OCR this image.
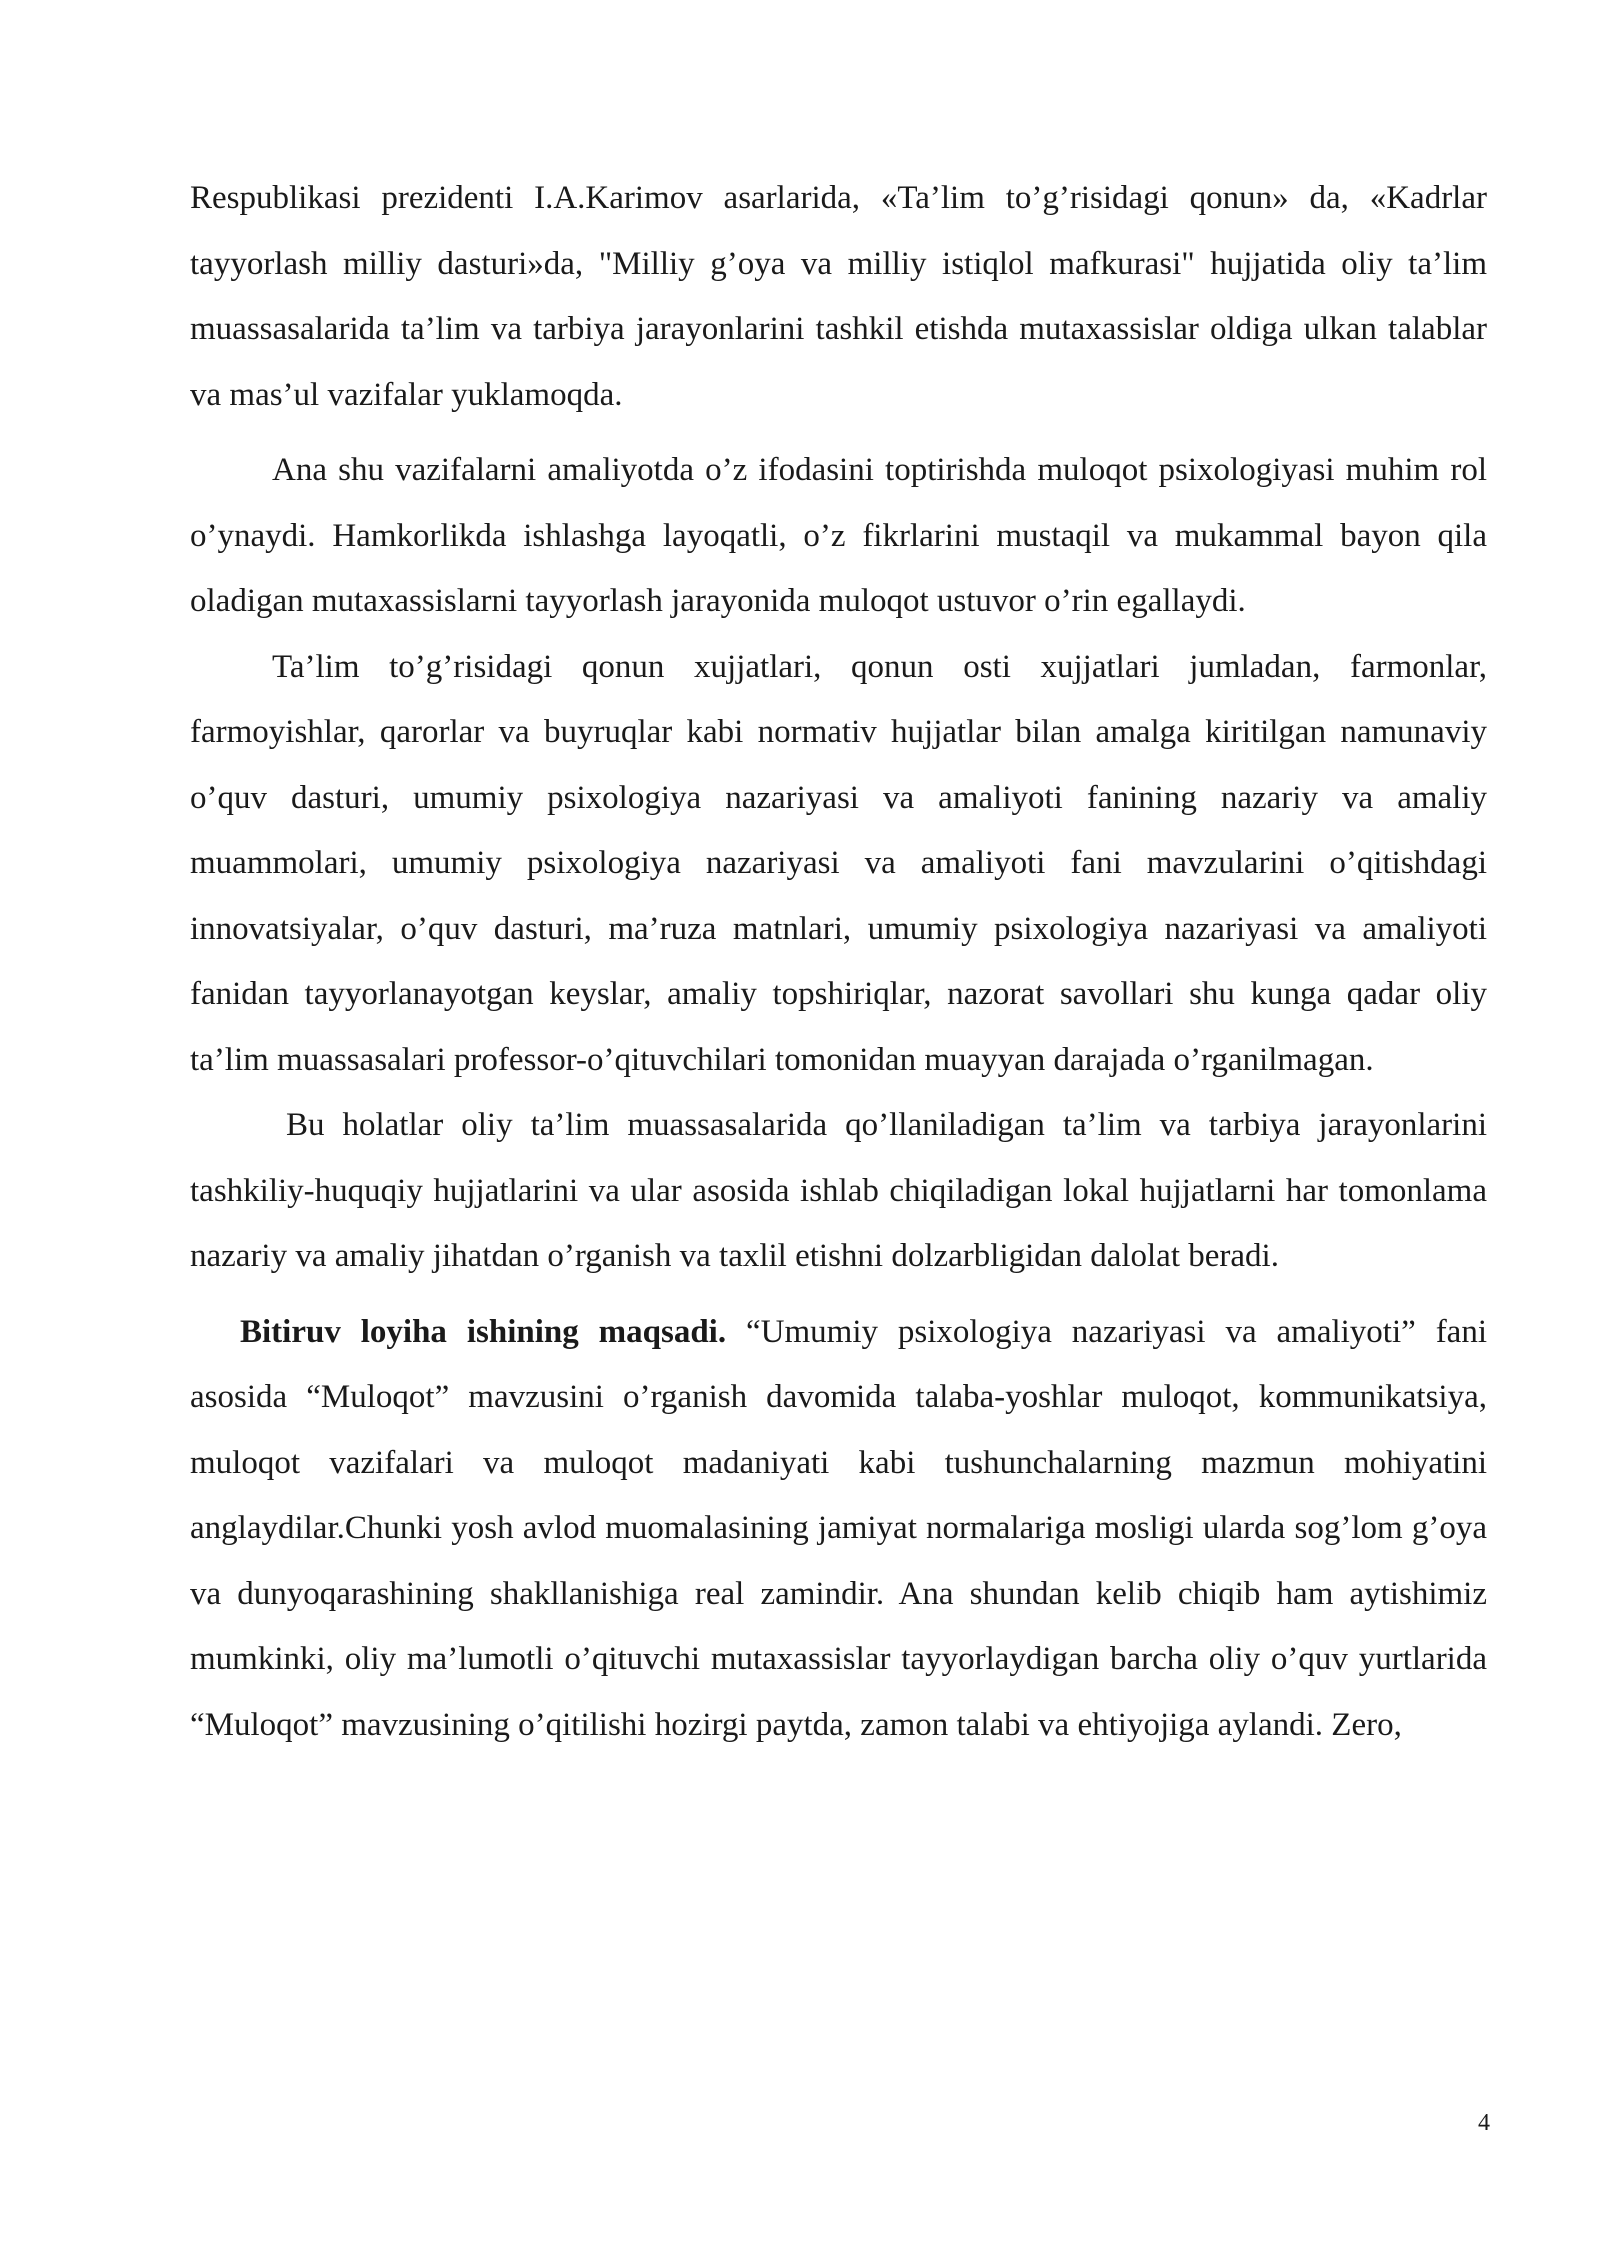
Respublikasi prezidenti I.A.Karimov asarlarida, «Ta’lim to’g’risidagi qonun» da, «Kadrlar tayyorlash milliy dasturi»da, "Milliy g’oya va milliy istiqlol mafkurasi" hujjatida oliy ta’lim muassasalarida ta’lim va tarbiya jarayonlarini tashkil etishda mutaxassislar oldiga ulkan talablar va mas’ul vazifalar yuklamoqda.

Ana shu vazifalarni amaliyotda o’z ifodasini toptirishda muloqot psixologiyasi muhim rol o’ynaydi. Hamkorlikda ishlashga layoqatli, o’z fikrlarini mustaqil va mukammal bayon qila oladigan mutaxassislarni tayyorlash jarayonida muloqot ustuvor o’rin egallaydi.

Ta’lim to’g’risidagi qonun xujjatlari, qonun osti xujjatlari jumladan, farmonlar, farmoyishlar, qarorlar va buyruqlar kabi normativ hujjatlar bilan amalga kiritilgan namunaviy o’quv dasturi, umumiy psixologiya nazariyasi va amaliyoti fanining nazariy va amaliy muammolari, umumiy psixologiya nazariyasi va amaliyoti fani mavzularini o’qitishdagi innovatsiyalar, o’quv dasturi, ma’ruza matnlari, umumiy psixologiya nazariyasi va amaliyoti fanidan tayyorlanayotgan keyslar, amaliy topshiriqlar, nazorat savollari shu kunga qadar oliy ta’lim muassasalari professor-o’qituvchilari tomonidan muayyan darajada o’rganilmagan.

Bu holatlar oliy ta’lim muassasalarida qo’llaniladigan ta’lim va tarbiya jarayonlarini tashkiliy-huquqiy hujjatlarini va ular asosida ishlab chiqiladigan lokal hujjatlarni har tomonlama nazariy va amaliy jihatdan o’rganish va taxlil etishni dolzarbligidan dalolat beradi.

Bitiruv loyiha ishining maqsadi. “Umumiy psixologiya nazariyasi va amaliyoti” fani asosida “Muloqot” mavzusini o’rganish davomida talaba-yoshlar muloqot, kommunikatsiya, muloqot vazifalari va muloqot madaniyati kabi tushunchalarning mazmun mohiyatini anglaydilar.Chunki yosh avlod muomalasining jamiyat normalariga mosligi ularda sog’lom g’oya va dunyoqarashining shakllanishiga real zamindir. Ana shundan kelib chiqib ham aytishimiz mumkinki, oliy ma’lumotli o’qituvchi mutaxassislar tayyorlaydigan barcha oliy o’quv yurtlarida “Muloqot” mavzusining o’qitilishi hozirgi paytda, zamon talabi va ehtiyojiga aylandi. Zero,

4
